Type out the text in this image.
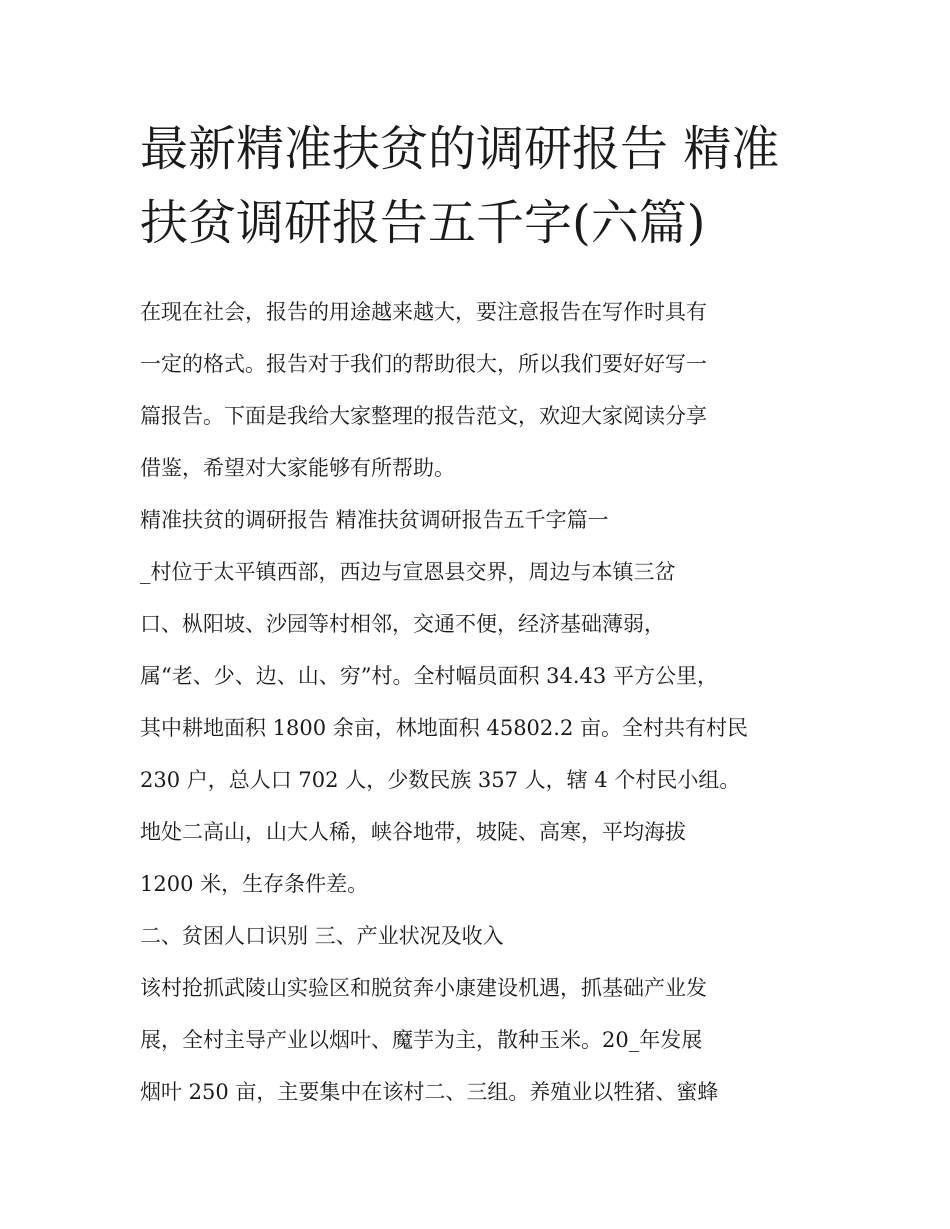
最新精准扶贫的调研报告 精准
扶贫调研报告五千字(六篇)
在现在社会，报告的用途越来越大，要注意报告在写作时具有
一定的格式。报告对于我们的帮助很大，所以我们要好好写一
篇报告。下面是我给大家整理的报告范文，欢迎大家阅读分享
借鉴，希望对大家能够有所帮助。
精准扶贫的调研报告 精准扶贫调研报告五千字篇一
_村位于太平镇西部，西边与宣恩县交界，周边与本镇三岔
口、枞阳坡、沙园等村相邻，交通不便，经济基础薄弱，
属“老、少、边、山、穷”村。全村幅员面积 34.43 平方公里，
其中耕地面积 1800 余亩，林地面积 45802.2 亩。全村共有村民
230 户，总人口 702 人，少数民族 357 人，辖 4 个村民小组。
地处二高山，山大人稀，峡谷地带，坡陡、高寒，平均海拔
1200 米，生存条件差。
二、贫困人口识别 三、产业状况及收入
该村抢抓武陵山实验区和脱贫奔小康建设机遇，抓基础产业发
展，全村主导产业以烟叶、魔芋为主，散种玉米。20_年发展
烟叶 250 亩，主要集中在该村二、三组。养殖业以牲猪、蜜蜂
